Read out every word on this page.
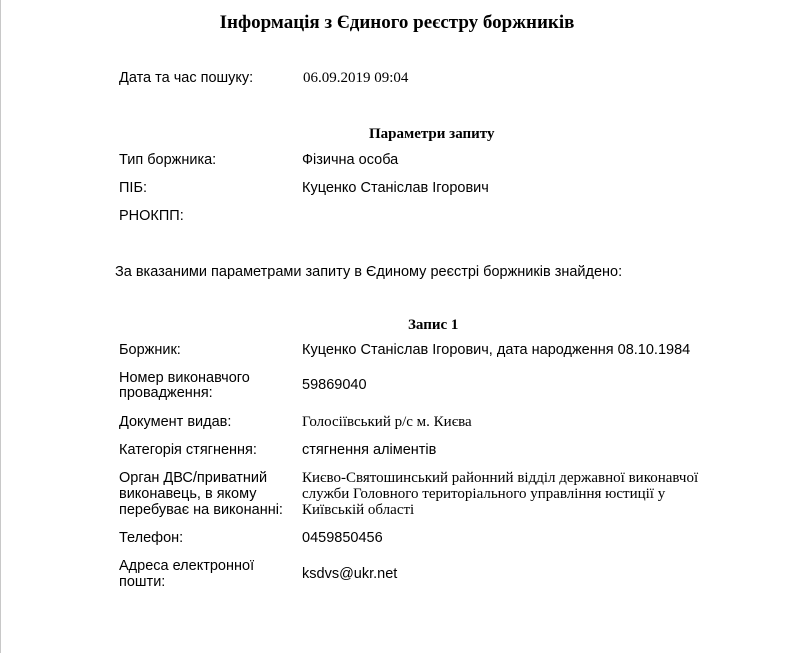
Інформація з Єдиного реєстру боржників
Дата та час пошуку:	06.09.2019 09:04
Параметри запиту
Тип боржника:	Фізична особа
ПІБ:	Куценко Станіслав Ігорович
РНОКПП:
За вказаними параметрами запиту в Єдиному реєстрі боржників знайдено:
Запис 1
Боржник:	Куценко Станіслав Ігорович, дата народження 08.10.1984
Номер виконавчого
провадження:	59869040
Документ видав:	Голосіївський р/с м. Києва
Категорія стягнення:	стягнення аліментів
Орган ДВС/приватний
виконавець, в якому
перебуває на виконанні:
Києво-Святошинський районний відділ державної виконавчої
служби Головного територіального управління юстиції у
Київській області
Телефон:	0459850456
Адреса електронної
пошти:	ksdvs@ukr.net
